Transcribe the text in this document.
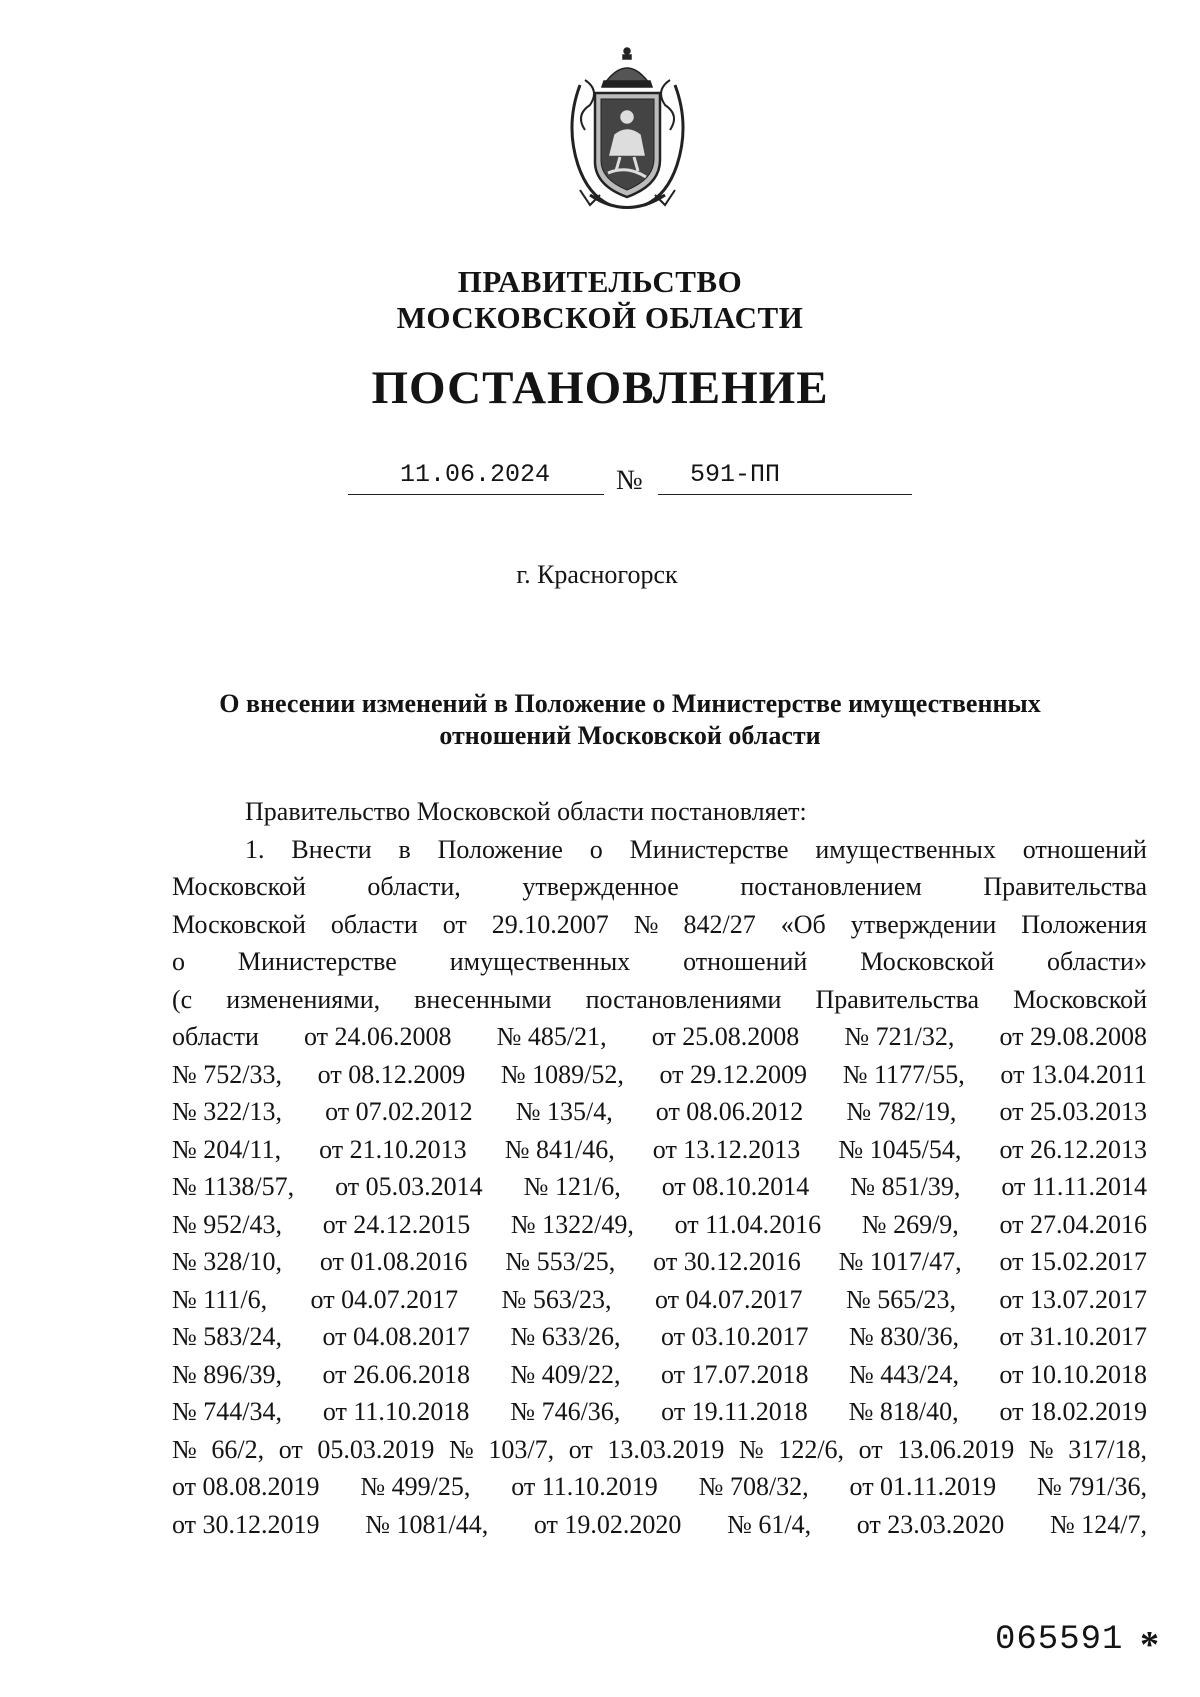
ПРАВИТЕЛЬСТВО
МОСКОВСКОЙ ОБЛАСТИ
ПОСТАНОВЛЕНИЕ
11.06.2024	№ 591-ПП
г. Красногорск
О внесении изменений в Положение о Министерстве имущественных
отношений Московской области
Правительство Московской области постановляет:
1. Внести в Положение о Министерстве имущественных отношений
Московской области, утвержденное постановлением Правительства
Московской области от 29.10.2007 № 842/27 «Об утверждении Положения
о Министерстве имущественных отношений Московской области»
(с изменениями, внесенными постановлениями Правительства Московской
области от 24.06.2008 № 485/21, от 25.08.2008 № 721/32, от 29.08.2008
№ 752/33, от 08.12.2009 № 1089/52, от 29.12.2009 № 1177/55, от 13.04.2011
№ 322/13, от 07.02.2012 № 135/4, от 08.06.2012 № 782/19, от 25.03.2013
№ 204/11, от 21.10.2013 № 841/46, от 13.12.2013 № 1045/54, от 26.12.2013
№ 1138/57, от 05.03.2014 № 121/6, от 08.10.2014 № 851/39, от 11.11.2014
№ 952/43, от 24.12.2015 № 1322/49, от 11.04.2016 № 269/9, от 27.04.2016
№ 328/10, от 01.08.2016 № 553/25, от 30.12.2016 № 1017/47, от 15.02.2017
№ 111/6, от 04.07.2017 № 563/23, от 04.07.2017 № 565/23, от 13.07.2017
№ 583/24, от 04.08.2017 № 633/26, от 03.10.2017 № 830/36, от 31.10.2017
№ 896/39, от 26.06.2018 № 409/22, от 17.07.2018 № 443/24, от 10.10.2018
№ 744/34, от 11.10.2018 № 746/36, от 19.11.2018 № 818/40, от 18.02.2019
№ 66/2, от 05.03.2019 № 103/7, от 13.03.2019 № 122/6, от 13.06.2019 № 317/18,
от 08.08.2019 № 499/25, от 11.10.2019 № 708/32, от 01.11.2019 № 791/36,
от 30.12.2019 № 1081/44, от 19.02.2020 № 61/4, от 23.03.2020 № 124/7,
065591 *
